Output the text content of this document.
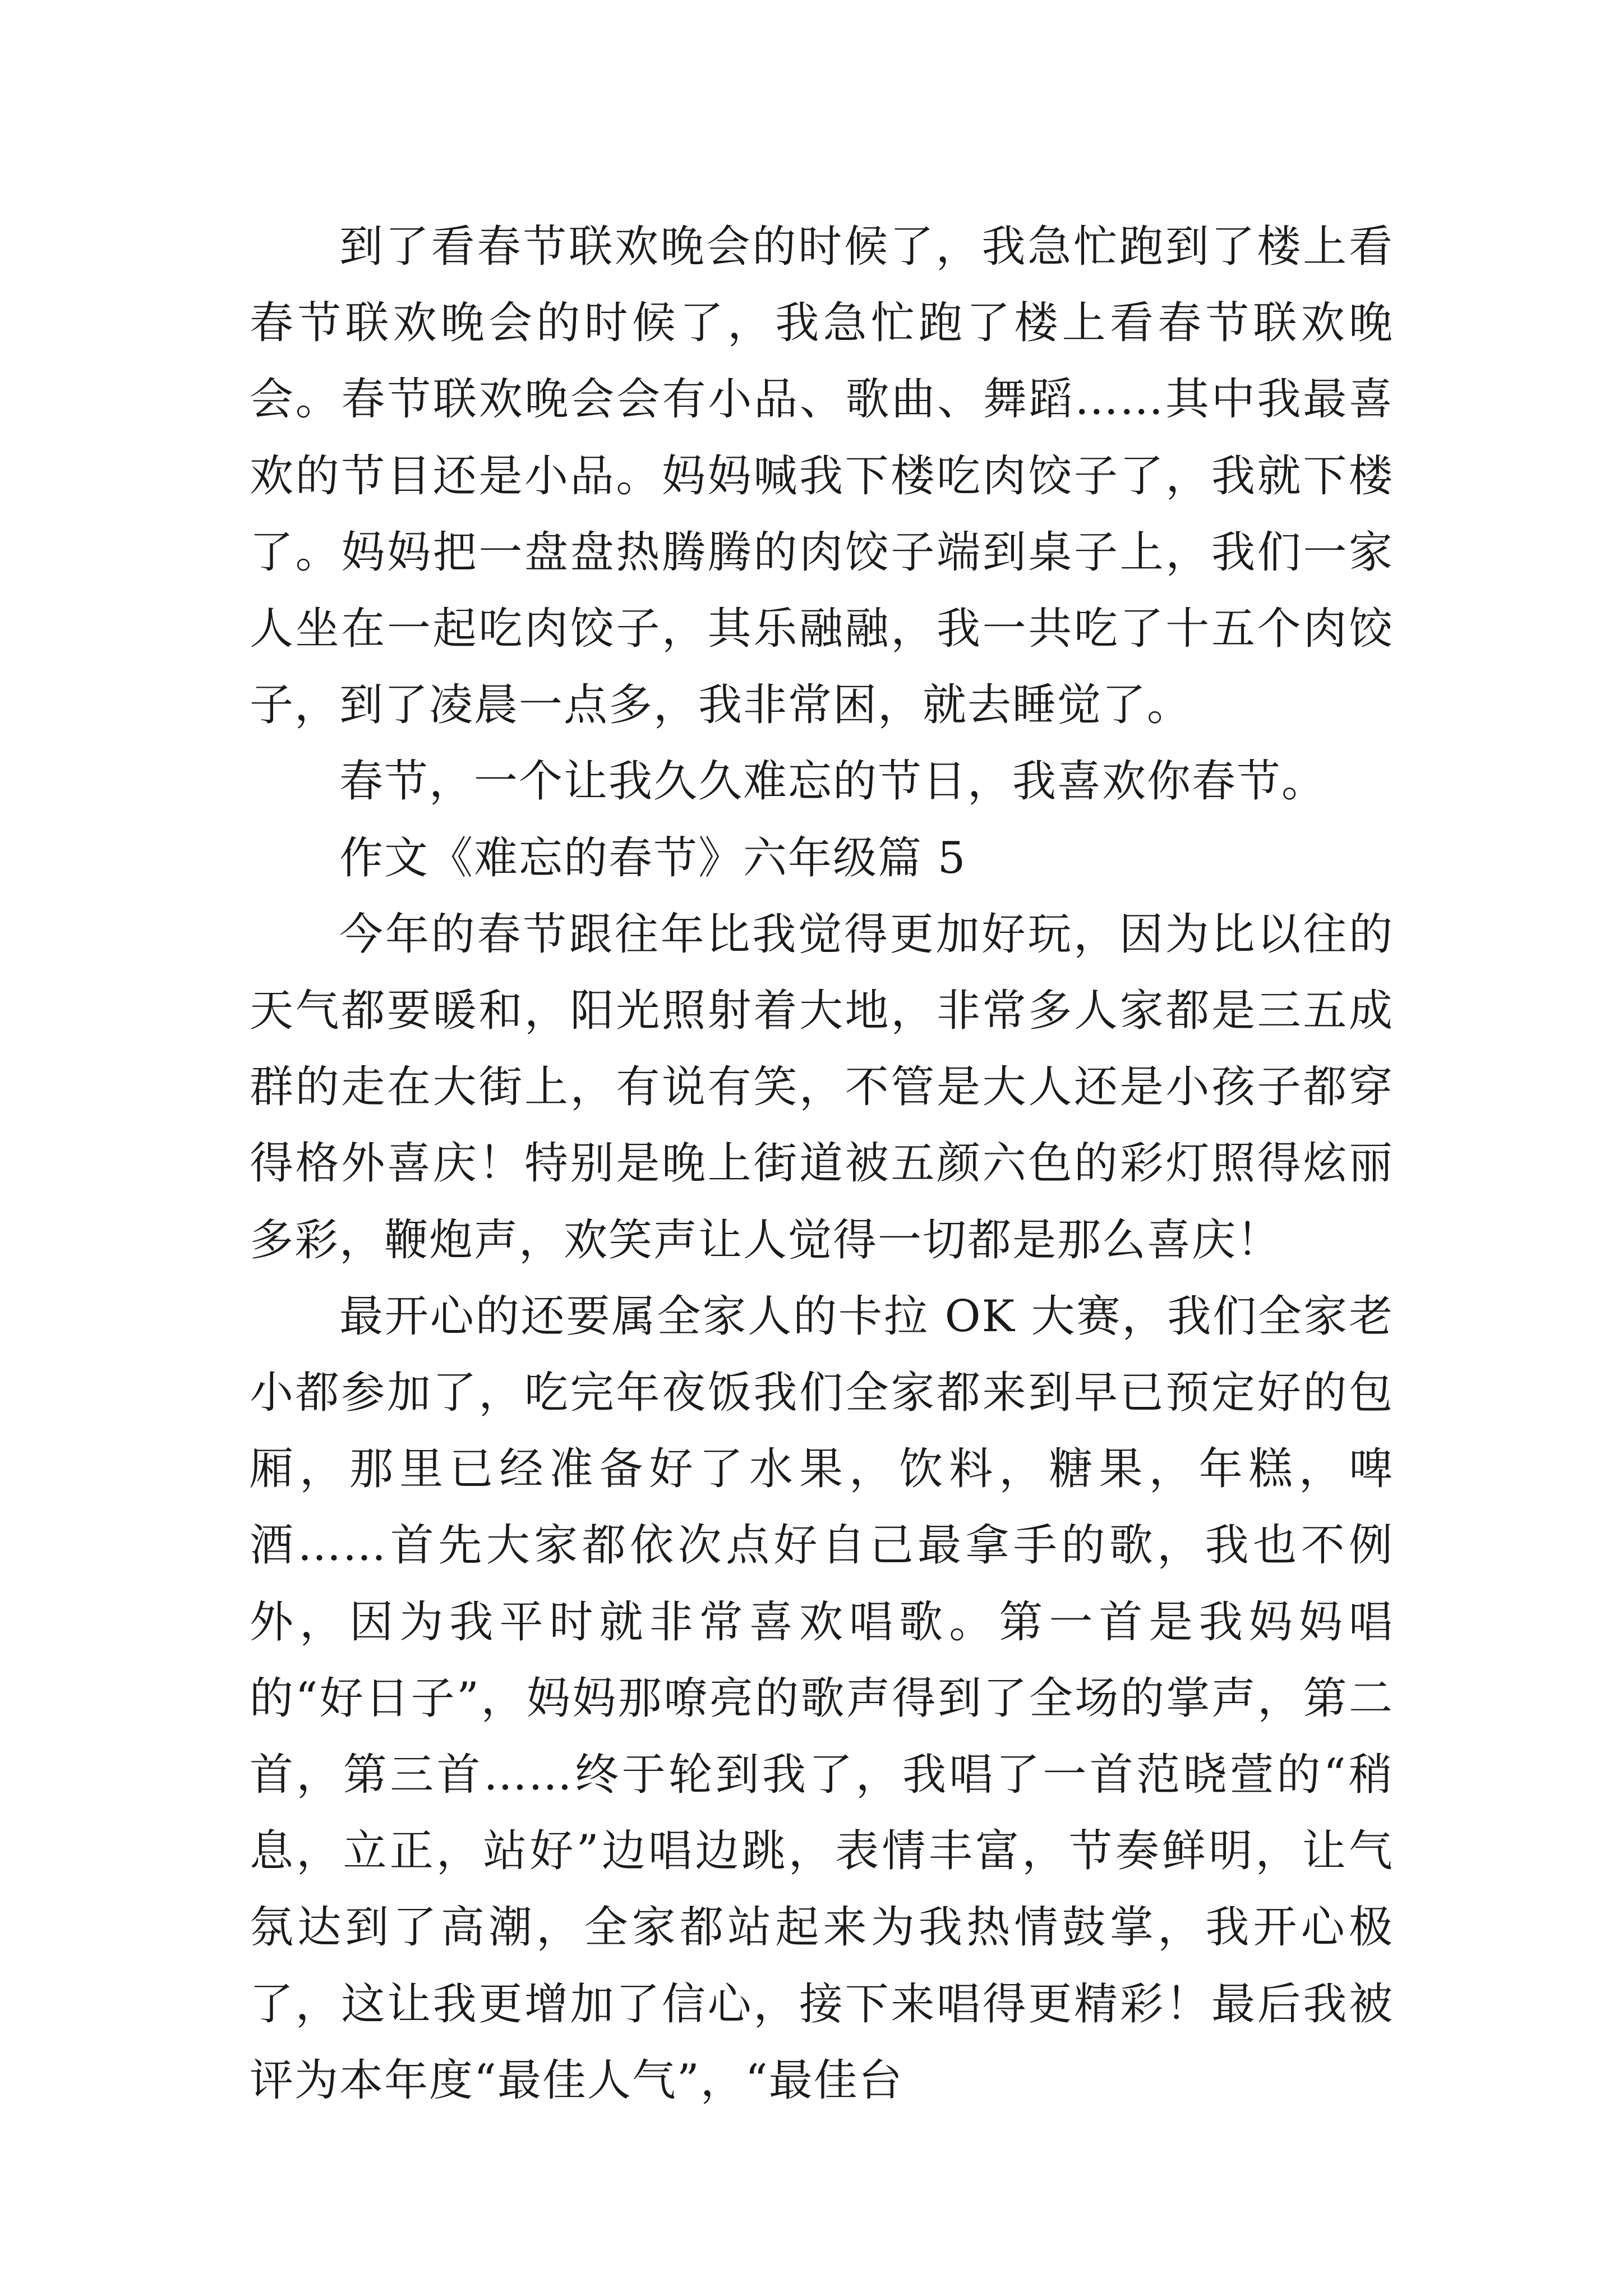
到了看春节联欢晚会的时候了，我急忙跑到了楼上看春节联欢晚会的时候了，我急忙跑了楼上看春节联欢晚会。春节联欢晚会会有小品、歌曲、舞蹈……其中我最喜欢的节目还是小品。妈妈喊我下楼吃肉饺子了，我就下楼了。妈妈把一盘盘热腾腾的肉饺子端到桌子上，我们一家人坐在一起吃肉饺子，其乐融融，我一共吃了十五个肉饺子，到了凌晨一点多，我非常困，就去睡觉了。

春节，一个让我久久难忘的节日，我喜欢你春节。

作文《难忘的春节》六年级篇 5

今年的春节跟往年比我觉得更加好玩，因为比以往的天气都要暖和，阳光照射着大地，非常多人家都是三五成群的走在大街上，有说有笑，不管是大人还是小孩子都穿得格外喜庆！特别是晚上街道被五颜六色的彩灯照得炫丽多彩，鞭炮声，欢笑声让人觉得一切都是那么喜庆！

最开心的还要属全家人的卡拉 OK 大赛，我们全家老小都参加了，吃完年夜饭我们全家都来到早已预定好的包厢，那里已经准备好了水果，饮料，糖果，年糕，啤酒……首先大家都依次点好自己最拿手的歌，我也不例外，因为我平时就非常喜欢唱歌。第一首是我妈妈唱的“好日子”，妈妈那嘹亮的歌声得到了全场的掌声，第二首，第三首……终于轮到我了，我唱了一首范晓萱的“稍息，立正，站好”边唱边跳，表情丰富，节奏鲜明，让气氛达到了高潮，全家都站起来为我热情鼓掌，我开心极了，这让我更增加了信心，接下来唱得更精彩！最后我被评为本年度“最佳人气”，“最佳台
